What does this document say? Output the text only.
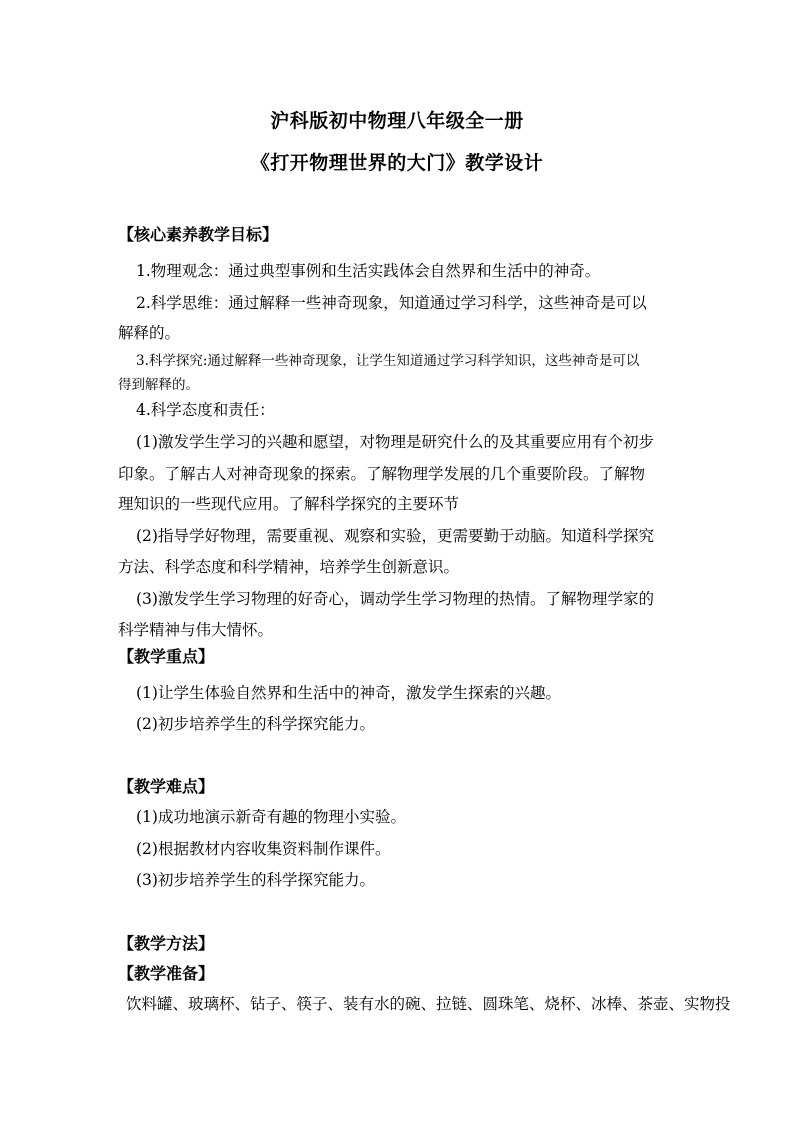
沪科版初中物理八年级全一册
《打开物理世界的大门》教学设计
【核心素养教学目标】
1.物理观念：通过典型事例和生活实践体会自然界和生活中的神奇。
2.科学思维：通过解释一些神奇现象，知道通过学习科学，这些神奇是可以
解释的。
3.科学探究:通过解释一些神奇现象，让学生知道通过学习科学知识，这些神奇是可以
得到解释的。
4.科学态度和责任：
(1)激发学生学习的兴趣和愿望，对物理是研究什么的及其重要应用有个初步
印象。了解古人对神奇现象的探索。了解物理学发展的几个重要阶段。了解物
理知识的一些现代应用。了解科学探究的主要环节
(2)指导学好物理，需要重视、观察和实验，更需要勤于动脑。知道科学探究
方法、科学态度和科学精神，培养学生创新意识。
(3)激发学生学习物理的好奇心，调动学生学习物理的热情。了解物理学家的
科学精神与伟大情怀。
【教学重点】
(1)让学生体验自然界和生活中的神奇，激发学生探索的兴趣。
(2)初步培养学生的科学探究能力。
【教学难点】
(1)成功地演示新奇有趣的物理小实验。
(2)根据教材内容收集资料制作课件。
(3)初步培养学生的科学探究能力。
【教学方法】
【教学准备】
饮料罐、玻璃杯、钻子、筷子、装有水的碗、拉链、圆珠笔、烧杯、冰棒、茶壶、实物投
